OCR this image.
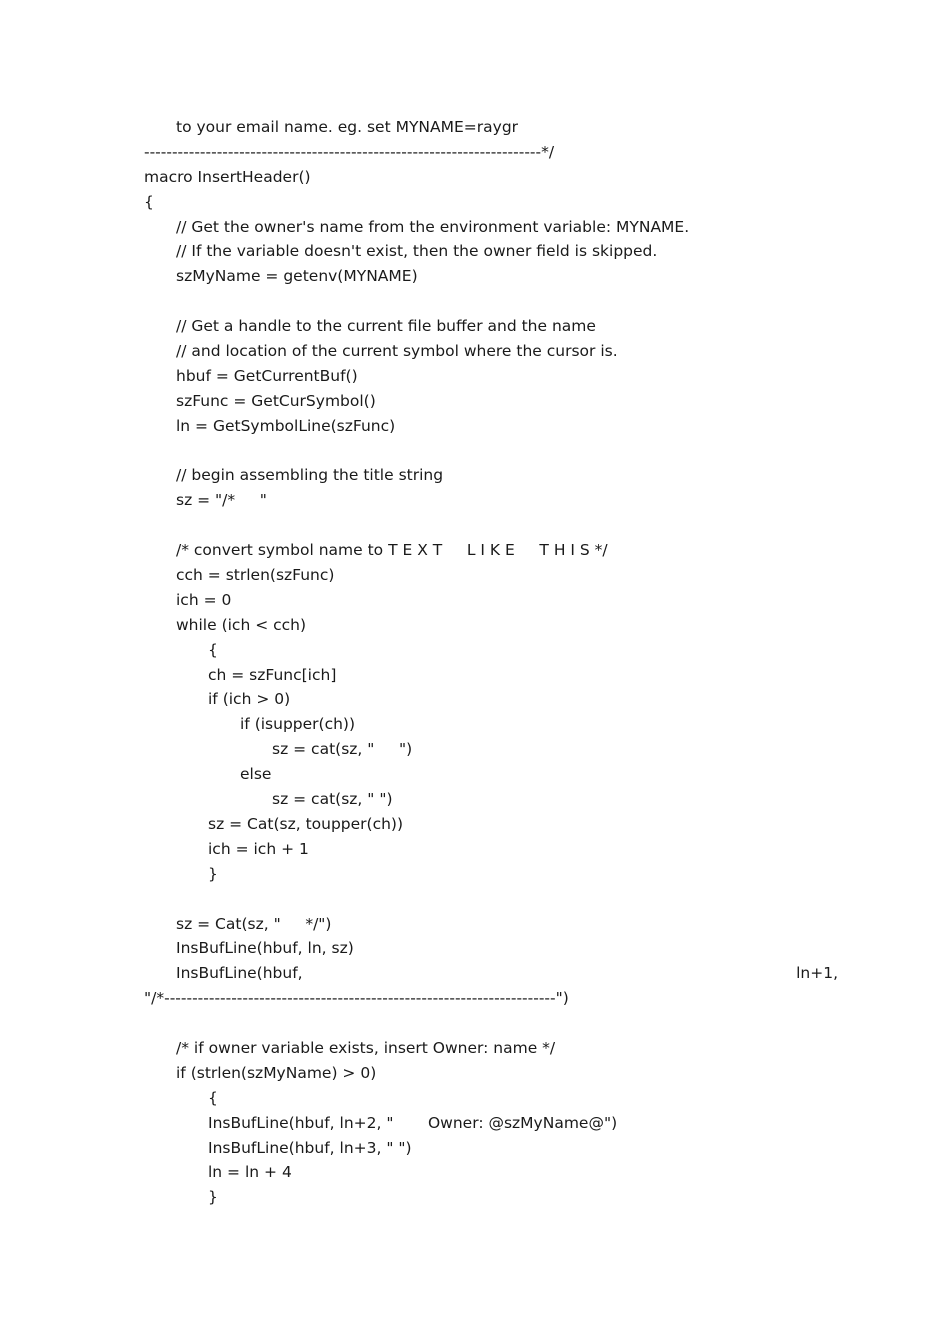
to your email name. eg. set MYNAME=raygr
-----------------------------------------------------------------------*/
macro InsertHeader()
{
// Get the owner's name from the environment variable: MYNAME.
// If the variable doesn't exist, then the owner field is skipped.
szMyName = getenv(MYNAME)
// Get a handle to the current file buffer and the name
// and location of the current symbol where the cursor is.
hbuf = GetCurrentBuf()
szFunc = GetCurSymbol()
ln = GetSymbolLine(szFunc)
// begin assembling the title string
sz = "/*     "
/* convert symbol name to T E X T     L I K E     T H I S */
cch = strlen(szFunc)
ich = 0
while (ich < cch)
{
ch = szFunc[ich]
if (ich > 0)
if (isupper(ch))
sz = cat(sz, "     ")
else
sz = cat(sz, " ")
sz = Cat(sz, toupper(ch))
ich = ich + 1
}
sz = Cat(sz, "     */")
InsBufLine(hbuf, ln, sz)
InsBufLine(hbuf,	ln+1,
"/*----------------------------------------------------------------------")
/* if owner variable exists, insert Owner: name */
if (strlen(szMyName) > 0)
{
InsBufLine(hbuf, ln+2, "       Owner: @szMyName@")
InsBufLine(hbuf, ln+3, " ")
ln = ln + 4
}
